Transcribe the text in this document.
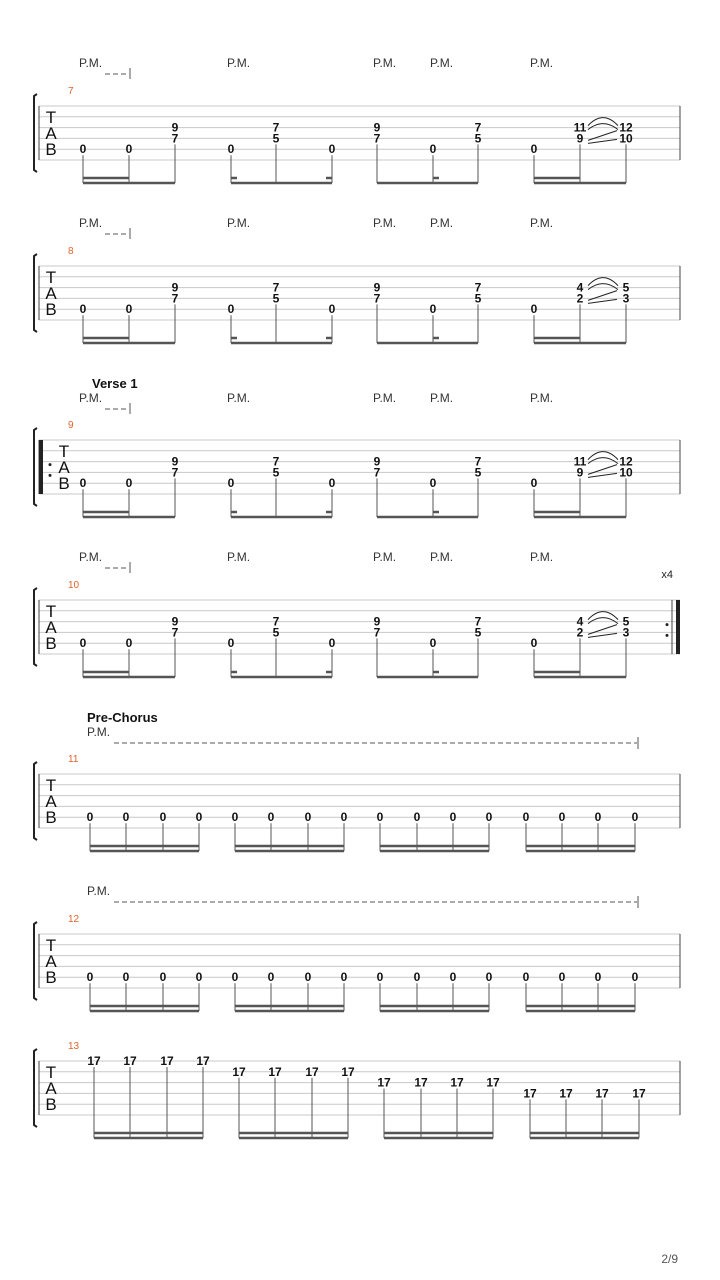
T
A
B
7
P.M.	P.M.	P.M.	P.M.	P.M.
0	0
9
7
0
7
5
0
9
7
0
7
5
0
11
9
12
10
T
A
B
8
P.M.	P.M.	P.M.	P.M.	P.M.
0	0
9
7
0
7
5
0
9
7
0
7
5
0
4
2
5
3
T
A
B
9
Verse 1
P.M.	P.M.	P.M.	P.M.	P.M.
0	0
9
7
0
7
5
0
9
7
0
7
5
0
11
9
12
10
x4
T
A
B
10
P.M.	P.M.	P.M.	P.M.	P.M.
0	0
9
7
0
7
5
0
9
7
0
7
5
0
4
2
5
3
T
A
B
11
Pre-Chorus
P.M.
0 0	0 0 0 0	0 0 0	0 0 0	0 0 0	0
T
A
B
12
P.M.
0 0	0 0 0 0	0 0 0	0 0 0	0 0 0	0
T
A
B
13
17 17 17 17
17 17 17 17
17 17 17 17
17 17 17 17
2/9
